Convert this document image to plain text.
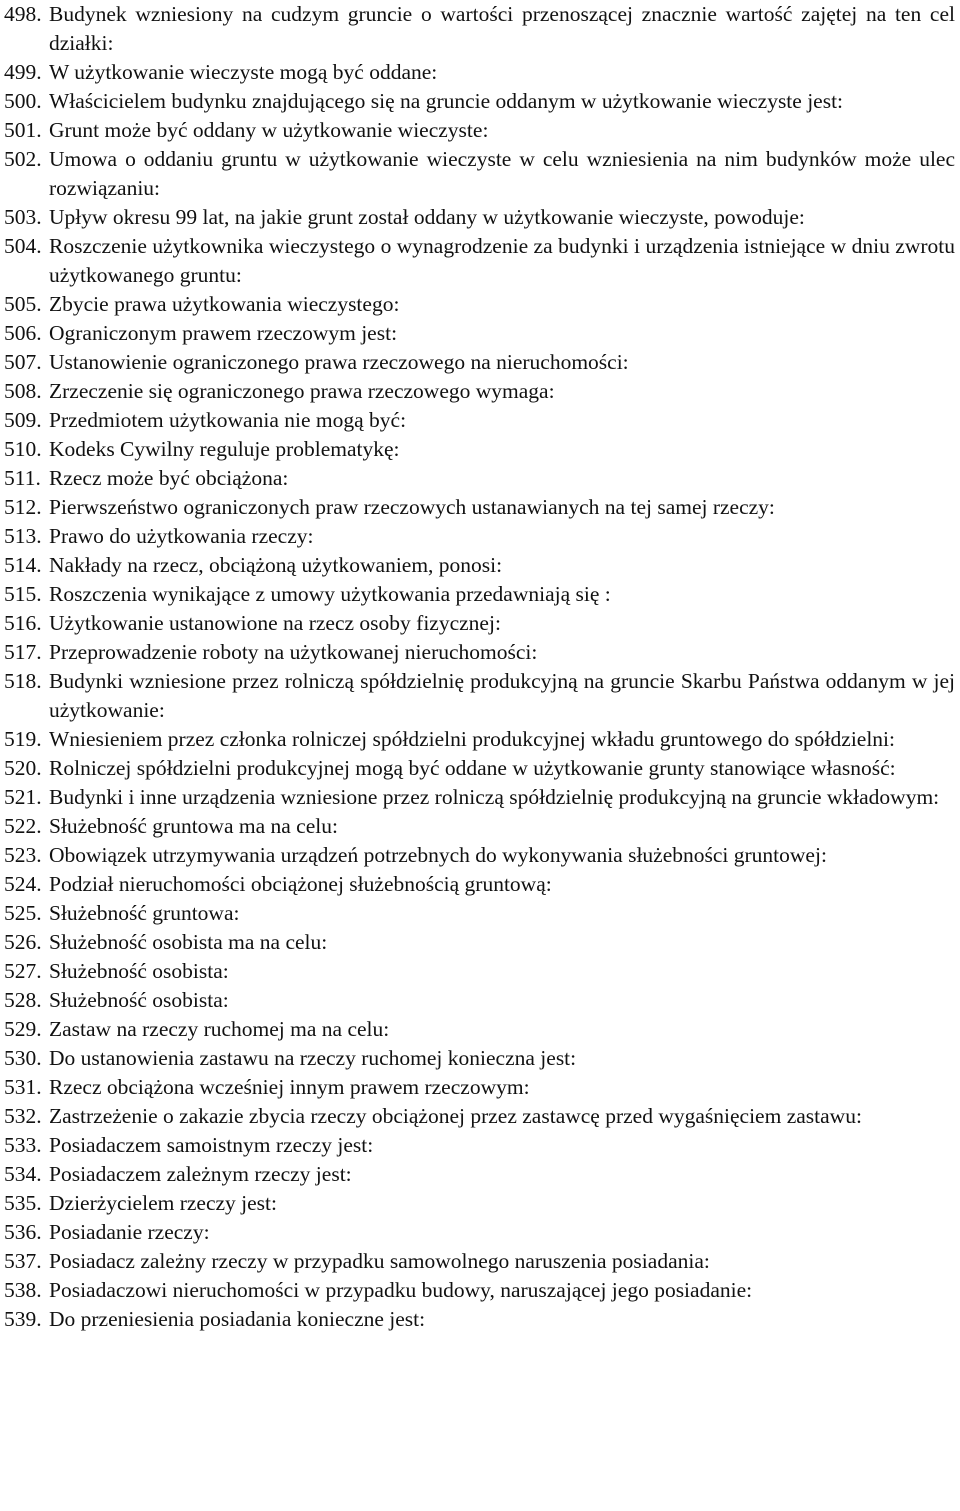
498. Budynek wzniesiony na cudzym gruncie o wartości przenoszącej znacznie wartość zajętej na ten cel działki:
499. W użytkowanie wieczyste mogą być oddane:
500. Właścicielem budynku znajdującego się na gruncie oddanym w użytkowanie wieczyste jest:
501. Grunt może być oddany w użytkowanie wieczyste:
502. Umowa o oddaniu gruntu w użytkowanie wieczyste w celu wzniesienia na nim budynków może ulec rozwiązaniu:
503. Upływ okresu 99 lat, na jakie grunt został oddany w użytkowanie wieczyste, powoduje:
504. Roszczenie użytkownika wieczystego o wynagrodzenie za budynki i urządzenia istniejące w dniu zwrotu użytkowanego gruntu:
505. Zbycie prawa użytkowania wieczystego:
506. Ograniczonym prawem rzeczowym jest:
507. Ustanowienie ograniczonego prawa rzeczowego na nieruchomości:
508. Zrzeczenie się ograniczonego prawa rzeczowego wymaga:
509. Przedmiotem użytkowania nie mogą być:
510. Kodeks Cywilny reguluje problematykę:
511. Rzecz może być obciążona:
512. Pierwszeństwo ograniczonych praw rzeczowych ustanawianych na tej samej rzeczy:
513. Prawo do użytkowania rzeczy:
514. Nakłady na rzecz, obciążoną użytkowaniem, ponosi:
515. Roszczenia wynikające z umowy użytkowania przedawniają się :
516. Użytkowanie ustanowione na rzecz osoby fizycznej:
517. Przeprowadzenie roboty na użytkowanej nieruchomości:
518. Budynki wzniesione przez rolniczą spółdzielnię produkcyjną na gruncie Skarbu Państwa oddanym w jej użytkowanie:
519. Wniesieniem przez członka rolniczej spółdzielni produkcyjnej wkładu gruntowego do spółdzielni:
520. Rolniczej spółdzielni produkcyjnej mogą być oddane w użytkowanie grunty stanowiące własność:
521. Budynki i inne urządzenia wzniesione przez rolniczą spółdzielnię produkcyjną na gruncie wkładowym:
522. Służebność gruntowa ma na celu:
523. Obowiązek utrzymywania urządzeń potrzebnych do wykonywania służebności gruntowej:
524. Podział nieruchomości obciążonej służebnością gruntową:
525. Służebność gruntowa:
526. Służebność osobista ma na celu:
527. Służebność osobista:
528. Służebność osobista:
529. Zastaw na rzeczy ruchomej ma na celu:
530. Do ustanowienia zastawu na rzeczy ruchomej konieczna jest:
531. Rzecz obciążona wcześniej innym prawem rzeczowym:
532. Zastrzeżenie o zakazie zbycia rzeczy obciążonej przez zastawcę przed wygaśnięciem zastawu:
533. Posiadaczem samoistnym rzeczy jest:
534. Posiadaczem zależnym rzeczy jest:
535. Dzierżycielem rzeczy jest:
536. Posiadanie rzeczy:
537. Posiadacz zależny rzeczy w przypadku samowolnego naruszenia posiadania:
538. Posiadaczowi nieruchomości w przypadku budowy, naruszającej jego posiadanie:
539. Do przeniesienia posiadania konieczne jest:
